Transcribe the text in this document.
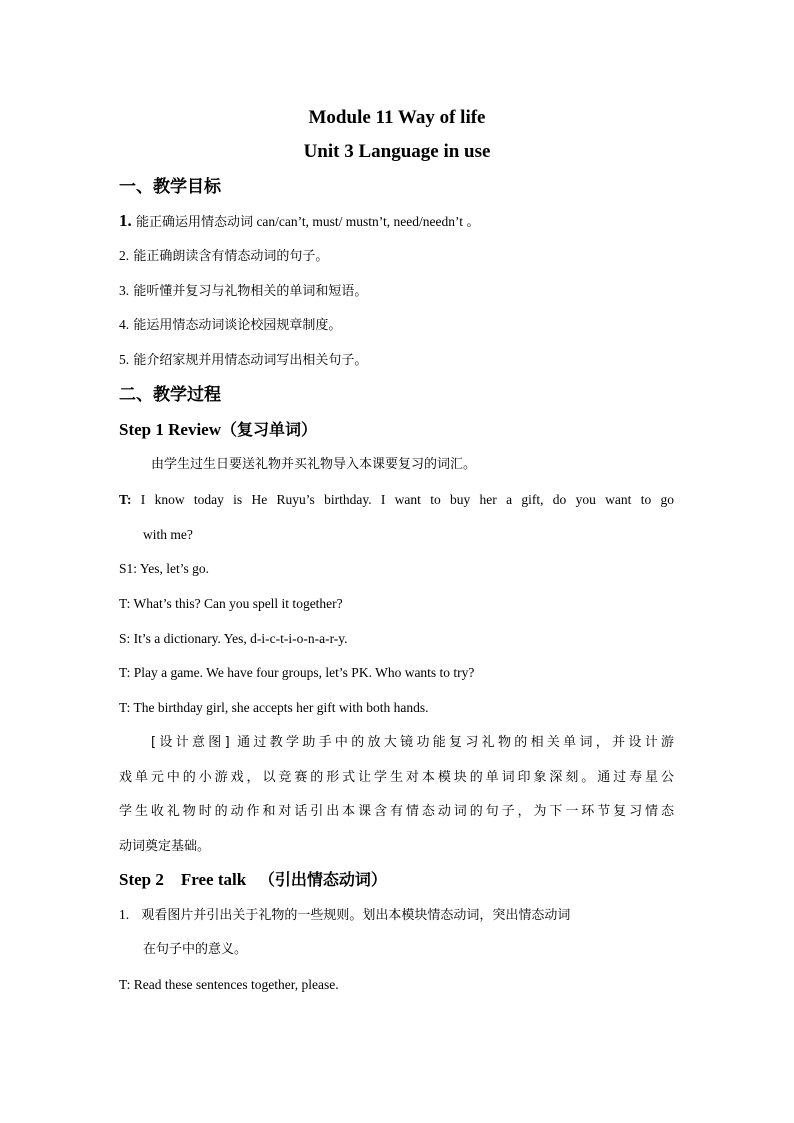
Module 11 Way of life
Unit 3 Language in use
一、教学目标
1. 能正确运用情态动词 can/can’t, must/ mustn’t, need/needn’t 。
2. 能正确朗读含有情态动词的句子。
3. 能听懂并复习与礼物相关的单词和短语。
4. 能运用情态动词谈论校园规章制度。
5. 能介绍家规并用情态动词写出相关句子。
二、教学过程
Step 1 Review（复习单词）
由学生过生日要送礼物并买礼物导入本课要复习的词汇。
T: I know today is He Ruyu’s birthday. I want to buy her a gift, do you want to go
with me?
S1: Yes, let’s go.
T: What’s this? Can you spell it together?
S: It’s a dictionary. Yes, d-i-c-t-i-o-n-a-r-y.
T: Play a game. We have four groups, let’s PK. Who wants to try?
T: The birthday girl, she accepts her gift with both hands.
[设计意图] 通过教学助手中的放大镜功能复习礼物的相关单词，并设计游
戏单元中的小游戏，以竞赛的形式让学生对本模块的单词印象深刻。通过寿星公
学生收礼物时的动作和对话引出本课含有情态动词的句子，为下一环节复习情态
动词奠定基础。
Step 2    Free talk   （引出情态动词）
1. 观看图片并引出关于礼物的一些规则。划出本模块情态动词，突出情态动词
在句子中的意义。
T: Read these sentences together, please.
